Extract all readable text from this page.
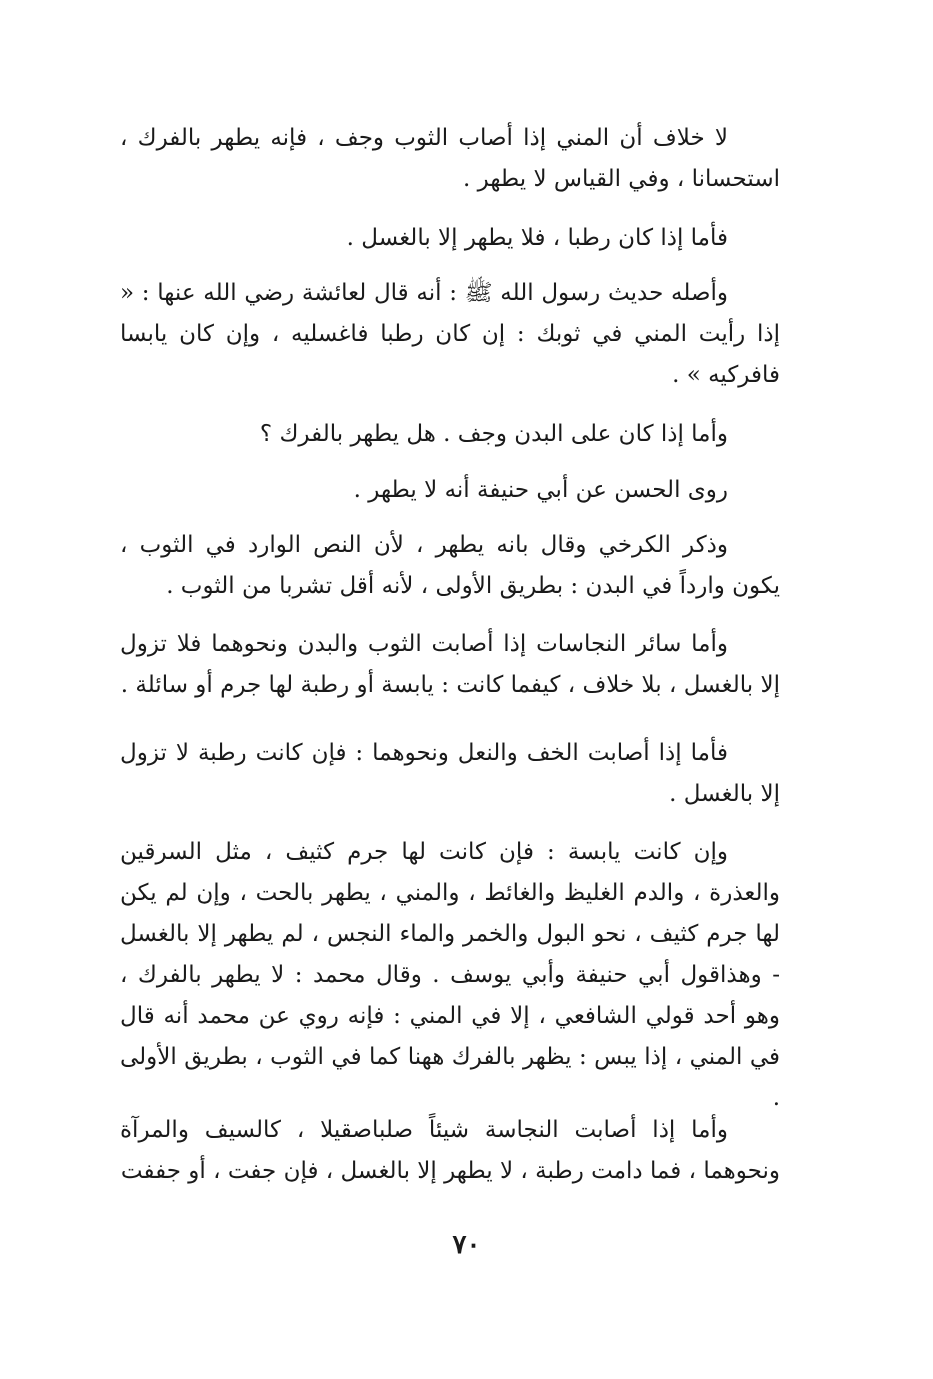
لا خلاف أن المني إذا أصاب الثوب وجف ، فإنه يطهر بالفرك ، استحسانا ، وفي القياس لا يطهر .

فأما إذا كان رطبا ، فلا يطهر إلا بالغسل .

وأصله حديث رسول الله ﷺ : أنه قال لعائشة رضي الله عنها : « إذا رأيت المني في ثوبك : إن كان رطبا فاغسليه ، وإن كان يابسا فافركيه » .

وأما إذا كان على البدن وجف . هل يطهر بالفرك ؟

روى الحسن عن أبي حنيفة أنه لا يطهر .

وذكر الكرخي وقال بانه يطهر ، لأن النص الوارد في الثوب ، يكون وارداً في البدن : بطريق الأولى ، لأنه أقل تشربا من الثوب .

وأما سائر النجاسات إذا أصابت الثوب والبدن ونحوهما فلا تزول إلا بالغسل ، بلا خلاف ، كيفما كانت : يابسة أو رطبة لها جرم أو سائلة .

فأما إذا أصابت الخف والنعل ونحوهما : فإن كانت رطبة لا تزول إلا بالغسل .

وإن كانت يابسة : فإن كانت لها جرم كثيف ، مثل السرقين والعذرة ، والدم الغليظ والغائط ، والمني ، يطهر بالحت ، وإن لم يكن لها جرم كثيف ، نحو البول والخمر والماء النجس ، لم يطهر إلا بالغسل - وهذاقول أبي حنيفة وأبي يوسف . وقال محمد : لا يطهر بالفرك ، وهو أحد قولي الشافعي ، إلا في المني : فإنه روي عن محمد أنه قال في المني ، إذا يبس : يظهر بالفرك ههنا كما في الثوب ، بطريق الأولى .

وأما إذا أصابت النجاسة شيئاً صلباصقيلا ، كالسيف والمرآة ونحوهما ، فما دامت رطبة ، لا يطهر إلا بالغسل ، فإن جفت ، أو جففت

٧٠
